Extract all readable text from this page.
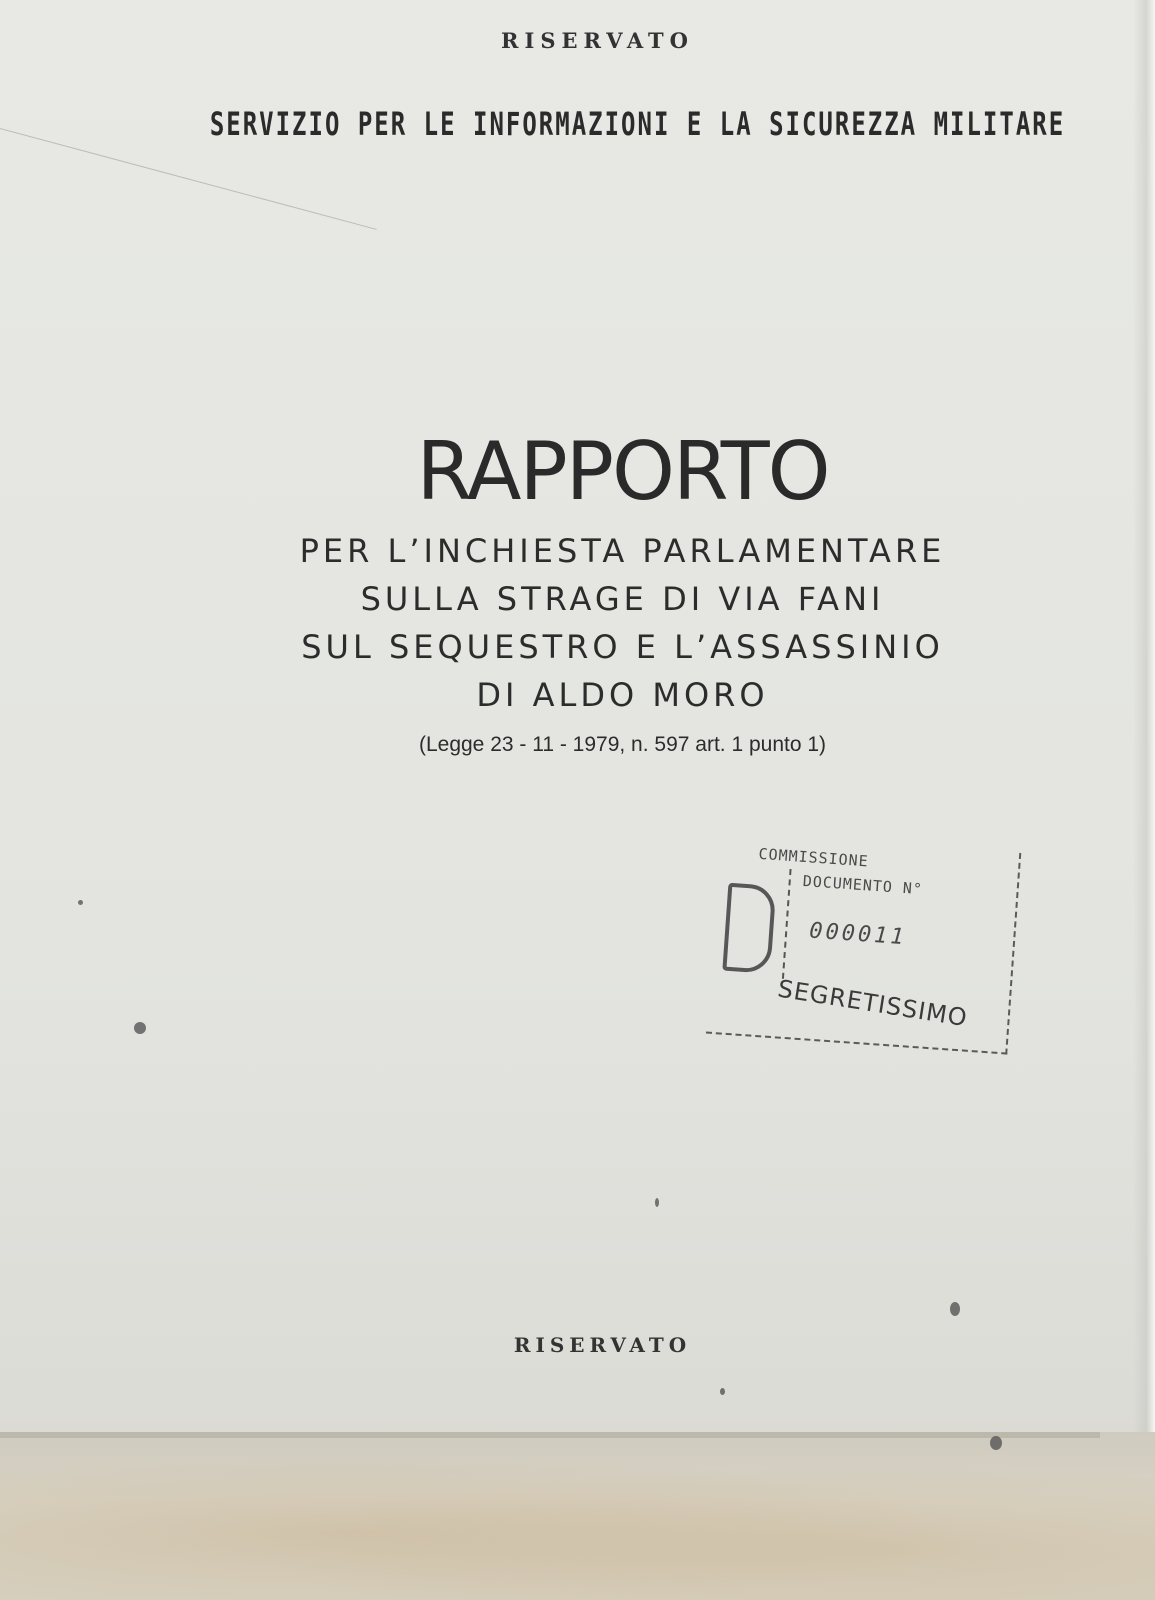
RISERVATO
SERVIZIO PER LE INFORMAZIONI E LA SICUREZZA MILITARE
RAPPORTO
PER L’INCHIESTA PARLAMENTARE
SULLA STRAGE DI VIA FANI
SUL SEQUESTRO E L’ASSASSINIO
DI ALDO MORO
(Legge 23 - 11 - 1979, n. 597 art. 1 punto 1)
COMMISSIONE
DOCUMENTO N°
000011
SEGRETISSIMO
RISERVATO
